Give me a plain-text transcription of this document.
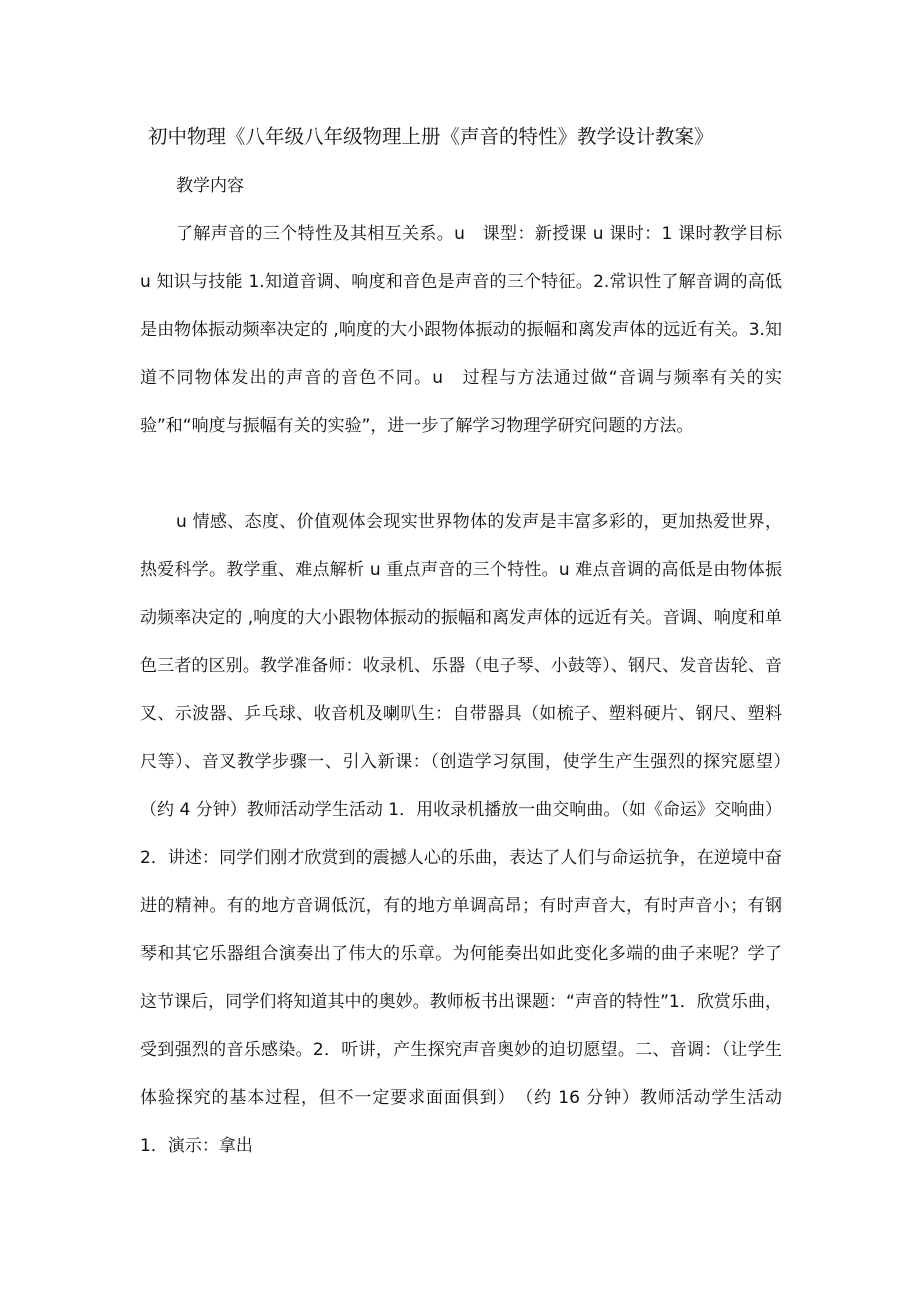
初中物理《八年级八年级物理上册《声音的特性》教学设计教案》
教学内容
了解声音的三个特性及其相互关系。u　课型：新授课 u 课时：1 课时教学目标 u 知识与技能 1.知道音调、响度和音色是声音的三个特征。2.常识性了解音调的高低是由物体振动频率决定的 ,响度的大小跟物体振动的振幅和离发声体的远近有关。3.知道不同物体发出的声音的音色不同。u　过程与方法通过做“音调与频率有关的实验”和“响度与振幅有关的实验”，进一步了解学习物理学研究问题的方法。
u 情感、态度、价值观体会现实世界物体的发声是丰富多彩的，更加热爱世界，热爱科学。教学重、难点解析 u 重点声音的三个特性。u 难点音调的高低是由物体振动频率决定的 ,响度的大小跟物体振动的振幅和离发声体的远近有关。音调、响度和单色三者的区别。教学准备师：收录机、乐器（电子琴、小鼓等）、钢尺、发音齿轮、音叉、示波器、乒乓球、收音机及喇叭生：自带器具（如梳子、塑料硬片、钢尺、塑料尺等）、音叉教学步骤一、引入新课：（创造学习氛围，使学生产生强烈的探究愿望）　（约 4 分钟）教师活动学生活动 1．用收录机播放一曲交响曲。（如《命运》交响曲）2．讲述：同学们刚才欣赏到的震撼人心的乐曲，表达了人们与命运抗争，在逆境中奋进的精神。有的地方音调低沉，有的地方单调高昂；有时声音大，有时声音小；有钢琴和其它乐器组合演奏出了伟大的乐章。为何能奏出如此变化多端的曲子来呢？学了这节课后，同学们将知道其中的奥妙。教师板书出课题：“声音的特性”1．欣赏乐曲，受到强烈的音乐感染。2．听讲，产生探究声音奥妙的迫切愿望。二、音调：（让学生体验探究的基本过程，但不一定要求面面俱到）　（约 16 分钟）教师活动学生活动 1．演示：拿出
